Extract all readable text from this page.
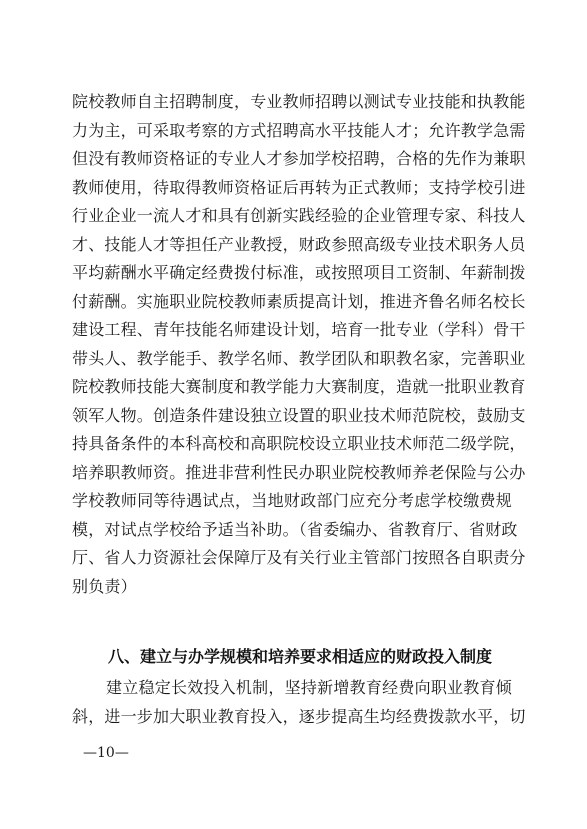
院校教师自主招聘制度，专业教师招聘以测试专业技能和执教能
力为主，可采取考察的方式招聘高水平技能人才；允许教学急需
但没有教师资格证的专业人才参加学校招聘，合格的先作为兼职
教师使用，待取得教师资格证后再转为正式教师；支持学校引进
行业企业一流人才和具有创新实践经验的企业管理专家、科技人
才、技能人才等担任产业教授，财政参照高级专业技术职务人员
平均薪酬水平确定经费拨付标准，或按照项目工资制、年薪制拨
付薪酬。实施职业院校教师素质提高计划，推进齐鲁名师名校长
建设工程、青年技能名师建设计划，培育一批专业（学科）骨干
带头人、教学能手、教学名师、教学团队和职教名家，完善职业
院校教师技能大赛制度和教学能力大赛制度，造就一批职业教育
领军人物。创造条件建设独立设置的职业技术师范院校，鼓励支
持具备条件的本科高校和高职院校设立职业技术师范二级学院，
培养职教师资。推进非营利性民办职业院校教师养老保险与公办
学校教师同等待遇试点，当地财政部门应充分考虑学校缴费规
模，对试点学校给予适当补助。（省委编办、省教育厅、省财政
厅、省人力资源社会保障厅及有关行业主管部门按照各自职责分
别负责）
八、建立与办学规模和培养要求相适应的财政投入制度
建立稳定长效投入机制，坚持新增教育经费向职业教育倾
斜，进一步加大职业教育投入，逐步提高生均经费拨款水平，切
—10—
